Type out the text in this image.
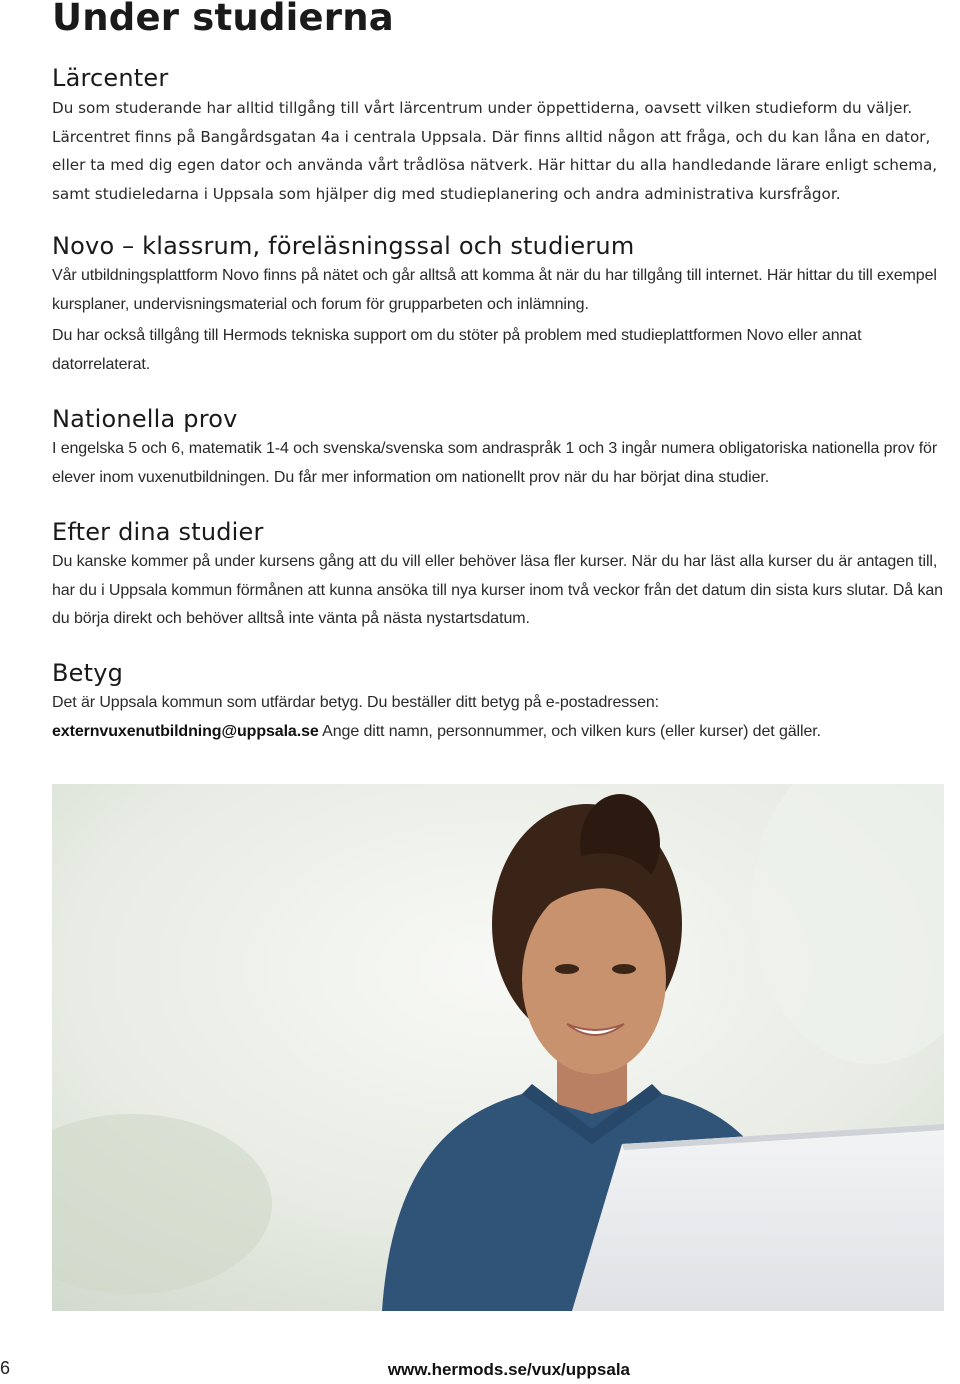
Under studierna
Lärcenter

Du som studerande har alltid tillgång till vårt lärcentrum under öppettiderna, oavsett vilken studieform du väljer. Lärcentret finns på Bangårdsgatan 4a i centrala Uppsala. Där finns alltid någon att fråga, och du kan låna en dator, eller ta med dig egen dator och använda vårt trådlösa nätverk. Här hittar du alla handledande lärare enligt schema, samt studieledarna i Uppsala som hjälper dig med studieplanering och andra administrativa kursfrågor.

Novo – klassrum, föreläsningssal och studierum

Vår utbildningsplattform Novo finns på nätet och går alltså att komma åt när du har tillgång till internet. Här hittar du till exempel kursplaner, undervisningsmaterial och forum för grupparbeten och inlämning.

Du har också tillgång till Hermods tekniska support om du stöter på problem med studieplattformen Novo eller annat datorrelaterat.

Nationella prov

I engelska 5 och 6, matematik 1-4 och svenska/svenska som andraspråk 1 och 3 ingår numera obligatoriska nationella prov för elever inom vuxenutbildningen. Du får mer information om nationellt prov när du har börjat dina studier.

Efter dina studier

Du kanske kommer på under kursens gång att du vill eller behöver läsa fler kurser. När du har läst alla kurser du är antagen till, har du i Uppsala kommun förmånen att kunna ansöka till nya kurser inom två veckor från det datum din sista kurs slutar. Då kan du börja direkt och behöver alltså inte vänta på nästa nystartsdatum.

Betyg

Det är Uppsala kommun som utfärdar betyg. Du beställer ditt betyg på e-postadressen:
externvuxenutbildning@uppsala.se Ange ditt namn, personnummer, och vilken kurs (eller kurser) det gäller.

6	www.hermods.se/vux/uppsala
